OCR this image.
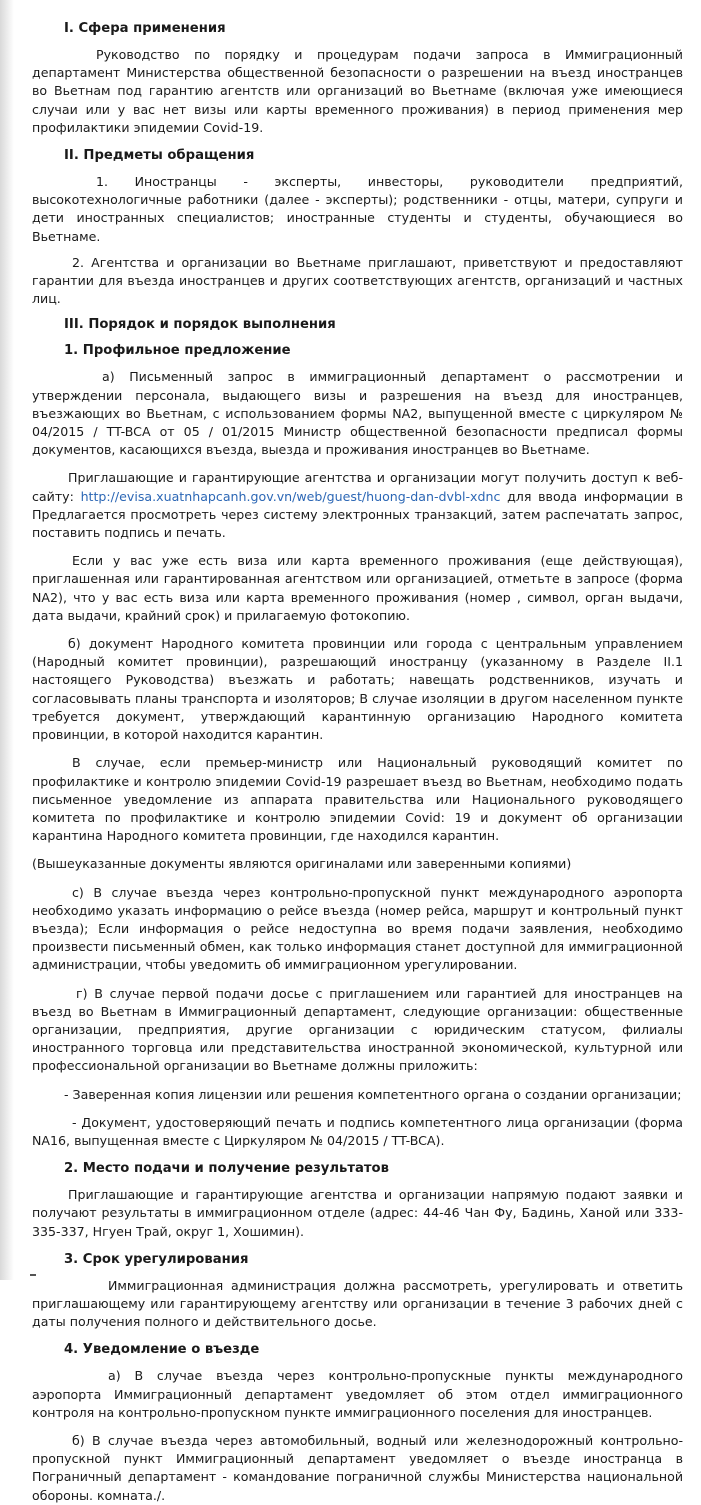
I. Сфера применения

Руководство по порядку и процедурам подачи запроса в Иммиграционный департамент Министерства общественной безопасности о разрешении на въезд иностранцев во Вьетнам под гарантию агентств или организаций во Вьетнаме (включая уже имеющиеся случаи или у вас нет визы или карты временного проживания) в период применения мер профилактики эпидемии Covid-19.

II. Предметы обращения

1. Иностранцы - эксперты, инвесторы, руководители предприятий, высокотехнологичные работники (далее - эксперты); родственники - отцы, матери, супруги и дети иностранных специалистов; иностранные студенты и студенты, обучающиеся во Вьетнаме.

2. Агентства и организации во Вьетнаме приглашают, приветствуют и предоставляют гарантии для въезда иностранцев и других соответствующих агентств, организаций и частных лиц.

III. Порядок и порядок выполнения
1. Профильное предложение

а) Письменный запрос в иммиграционный департамент о рассмотрении и утверждении персонала, выдающего визы и разрешения на въезд для иностранцев, въезжающих во Вьетнам, с использованием формы NA2, выпущенной вместе с циркуляром № 04/2015 / TT-BCA от 05 / 01/2015 Министр общественной безопасности предписал формы документов, касающихся въезда, выезда и проживания иностранцев во Вьетнаме.

Приглашающие и гарантирующие агентства и организации могут получить доступ к веб-сайту: http://evisa.xuatnhapcanh.gov.vn/web/guest/huong-dan-dvbl-xdnc для ввода информации в Предлагается просмотреть через систему электронных транзакций, затем распечатать запрос, поставить подпись и печать.

Если у вас уже есть виза или карта временного проживания (еще действующая), приглашенная или гарантированная агентством или организацией, отметьте в запросе (форма NA2), что у вас есть виза или карта временного проживания (номер , символ, орган выдачи, дата выдачи, крайний срок) и прилагаемую фотокопию.

б) документ Народного комитета провинции или города с центральным управлением (Народный комитет провинции), разрешающий иностранцу (указанному в Разделе II.1 настоящего Руководства) въезжать и работать; навещать родственников, изучать и согласовывать планы транспорта и изоляторов; В случае изоляции в другом населенном пункте требуется документ, утверждающий карантинную организацию Народного комитета провинции, в которой находится карантин.

В случае, если премьер-министр или Национальный руководящий комитет по профилактике и контролю эпидемии Covid-19 разрешает въезд во Вьетнам, необходимо подать письменное уведомление из аппарата правительства или Национального руководящего комитета по профилактике и контролю эпидемии Covid: 19 и документ об организации карантина Народного комитета провинции, где находился карантин.

(Вышеуказанные документы являются оригиналами или заверенными копиями)

с) В случае въезда через контрольно-пропускной пункт международного аэропорта необходимо указать информацию о рейсе въезда (номер рейса, маршрут и контрольный пункт въезда); Если информация о рейсе недоступна во время подачи заявления, необходимо произвести письменный обмен, как только информация станет доступной для иммиграционной администрации, чтобы уведомить об иммиграционном урегулировании.

г) В случае первой подачи досье с приглашением или гарантией для иностранцев на въезд во Вьетнам в Иммиграционный департамент, следующие организации: общественные организации, предприятия, другие организации с юридическим статусом, филиалы иностранного торговца или представительства иностранной экономической, культурной или профессиональной организации во Вьетнаме должны приложить:

- Заверенная копия лицензии или решения компетентного органа о создании организации;

- Документ, удостоверяющий печать и подпись компетентного лица организации (форма NA16, выпущенная вместе с Циркуляром № 04/2015 / TT-BCA).

2. Место подачи и получение результатов

Приглашающие и гарантирующие агентства и организации напрямую подают заявки и получают результаты в иммиграционном отделе (адрес: 44-46 Чан Фу, Бадинь, Ханой или 333-335-337, Нгуен Трай, округ 1, Хошимин).

3. Срок урегулирования

Иммиграционная администрация должна рассмотреть, урегулировать и ответить приглашающему или гарантирующему агентству или организации в течение 3 рабочих дней с даты получения полного и действительного досье.

4. Уведомление о въезде

а) В случае въезда через контрольно-пропускные пункты международного аэропорта Иммиграционный департамент уведомляет об этом отдел иммиграционного контроля на контрольно-пропускном пункте иммиграционного поселения для иностранцев.

б) В случае въезда через автомобильный, водный или железнодорожный контрольно-пропускной пункт Иммиграционный департамент уведомляет о въезде иностранца в Пограничный департамент - командование пограничной службы Министерства национальной обороны. комната./.
